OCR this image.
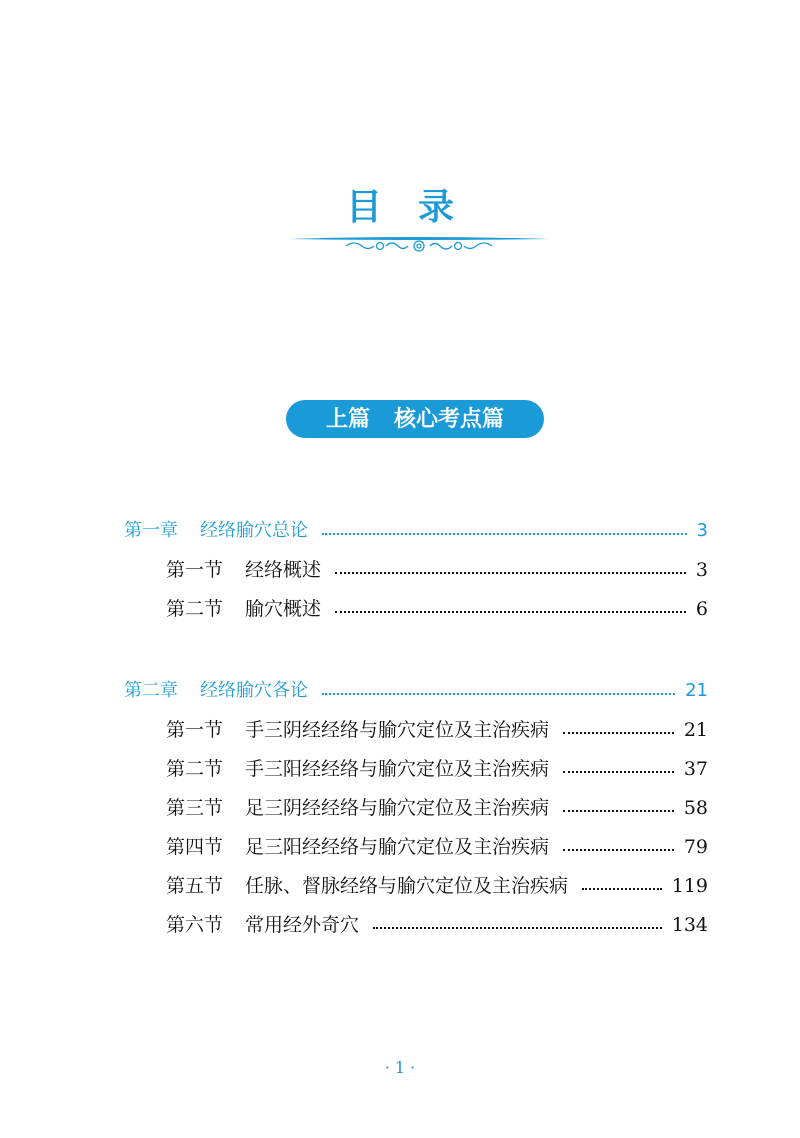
目录
上篇 核心考点篇
第一章 经络腧穴总论	3
第一节 经络概述	3
第二节 腧穴概述	6
第二章 经络腧穴各论	21
第一节 手三阴经经络与腧穴定位及主治疾病	21
第二节 手三阳经经络与腧穴定位及主治疾病	37
第三节 足三阴经经络与腧穴定位及主治疾病	58
第四节 足三阳经经络与腧穴定位及主治疾病	79
第五节 任脉、督脉经络与腧穴定位及主治疾病	119
第六节 常用经外奇穴	134
· 1 ·
